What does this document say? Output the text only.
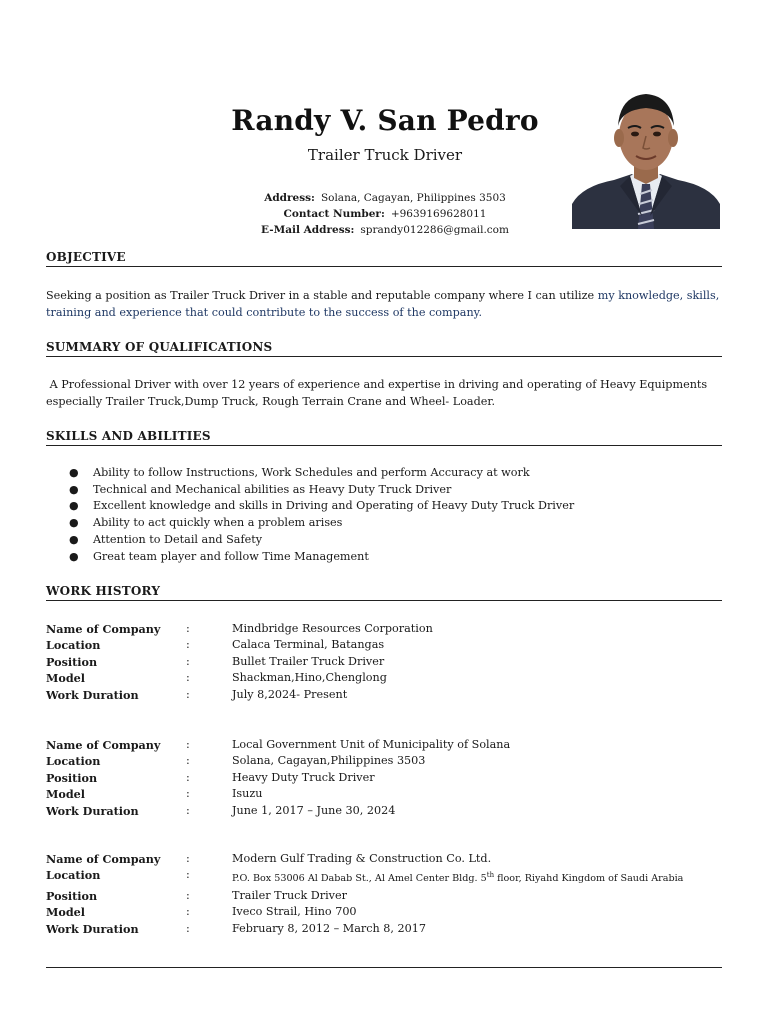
Randy V. San Pedro
Trailer Truck Driver
Address: Solana, Cagayan, Philippines 3503
Contact Number: +9639169628011
E-Mail Address: sprandy012286@gmail.com
OBJECTIVE
Seeking a position as Trailer Truck Driver in a stable and reputable company where I can utilize my knowledge, skills, training and experience that could contribute to the success of the company.
SUMMARY OF QUALIFICATIONS
A Professional Driver with over 12 years of experience and expertise in driving and operating of Heavy Equipments especially Trailer Truck,Dump Truck, Rough Terrain Crane and Wheel- Loader.
SKILLS AND ABILITIES
● Ability to follow Instructions, Work Schedules and perform Accuracy at work
● Technical and Mechanical abilities as Heavy Duty Truck Driver
● Excellent knowledge and skills in Driving and Operating of Heavy Duty Truck Driver
● Ability to act quickly when a problem arises
● Attention to Detail and Safety
● Great team player and follow Time Management
WORK HISTORY
Name of Company	:	Mindbridge Resources Corporation
Location	:	Calaca Terminal, Batangas
Position	:	Bullet Trailer Truck Driver
Model	:	Shackman,Hino,Chenglong
Work Duration	:	July 8,2024- Present
Name of Company	:	Local Government Unit of Municipality of Solana
Location	:	Solana, Cagayan,Philippines 3503
Position	:	Heavy Duty Truck Driver
Model	:	Isuzu
Work Duration	:	June 1, 2017 – June 30, 2024
Name of Company	:	Modern Gulf Trading & Construction Co. Ltd.
Location	:	P.O. Box 53006 Al Dabab St., Al Amel Center Bldg. 5th floor, Riyahd Kingdom of Saudi Arabia
Position	:	Trailer Truck Driver
Model	:	Iveco Strail, Hino 700
Work Duration	:	February 8, 2012 – March 8, 2017
